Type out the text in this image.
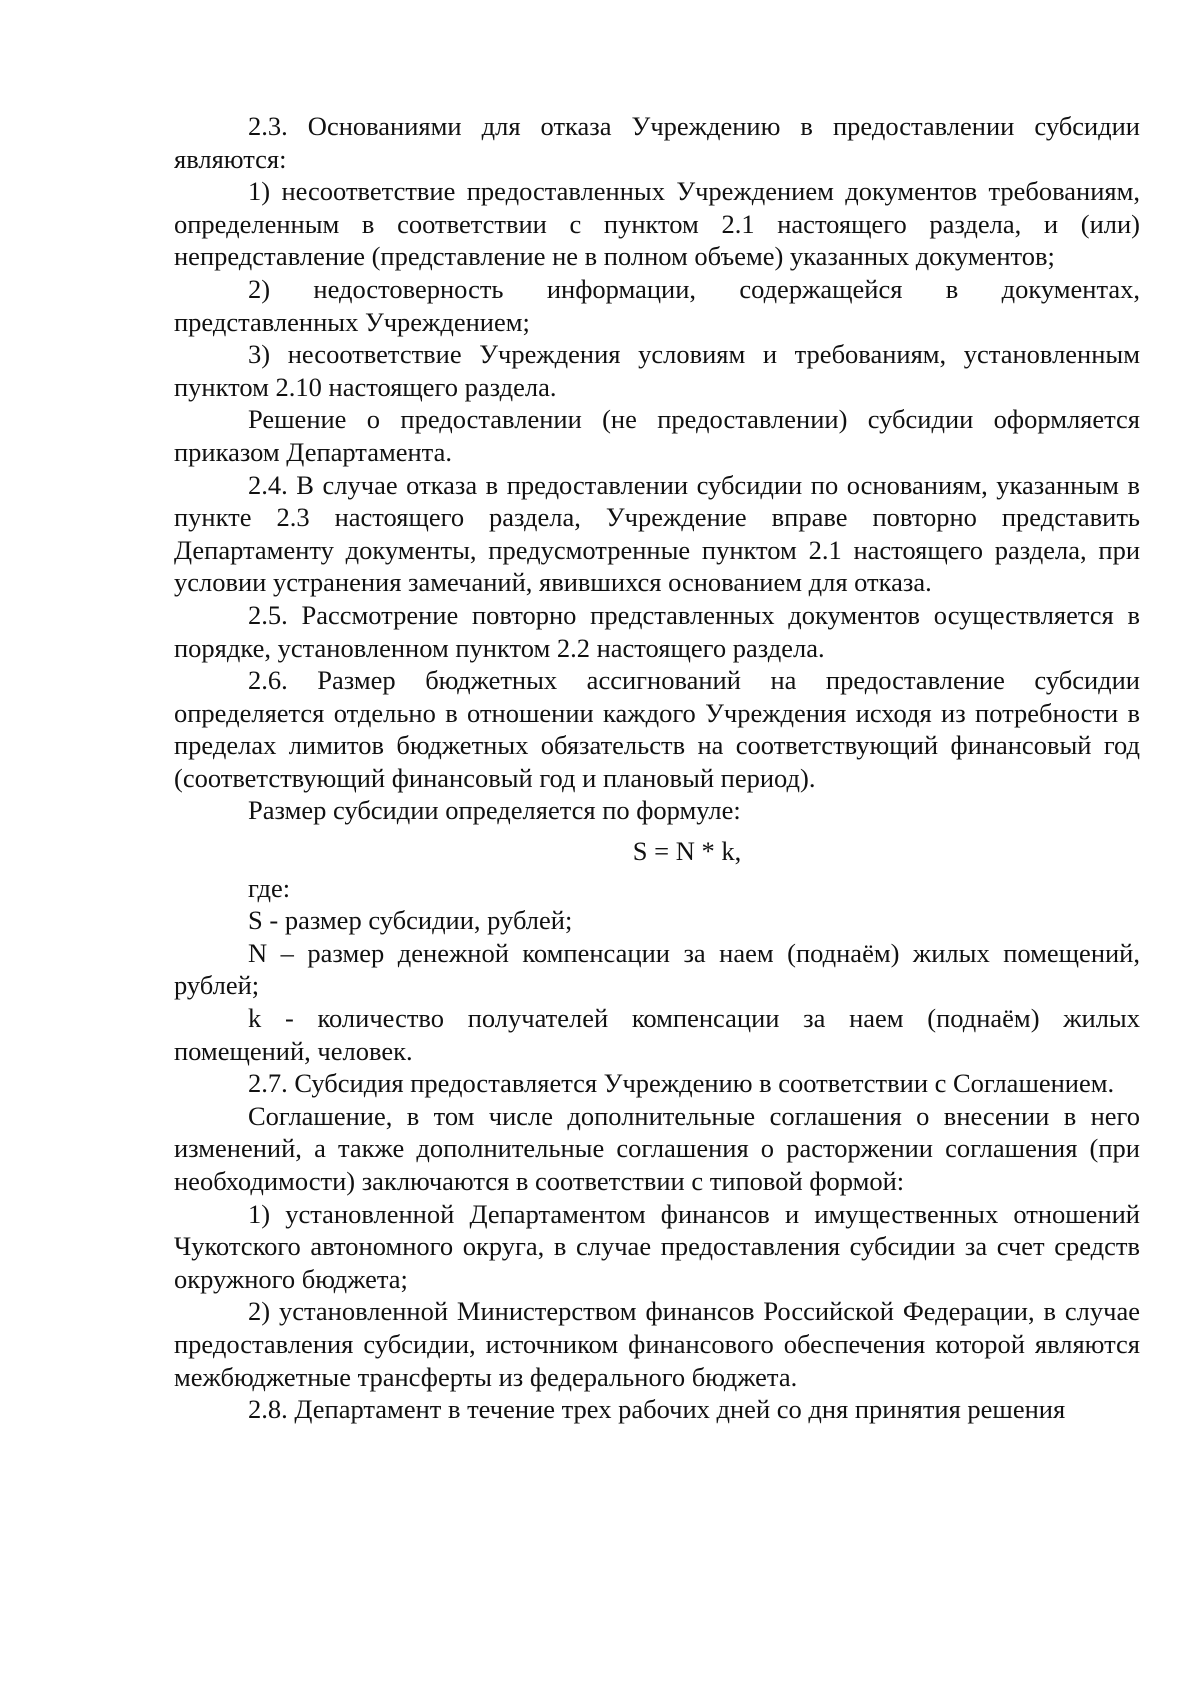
2.3. Основаниями для отказа Учреждению в предоставлении субсидии являются:

1) несоответствие предоставленных Учреждением документов требованиям, определенным в соответствии с пунктом 2.1 настоящего раздела, и (или) непредставление (представление не в полном объеме) указанных документов;

2) недостоверность информации, содержащейся в документах, представленных Учреждением;

3) несоответствие Учреждения условиям и требованиям, установленным пунктом 2.10 настоящего раздела.

Решение о предоставлении (не предоставлении) субсидии оформляется приказом Департамента.

2.4. В случае отказа в предоставлении субсидии по основаниям, указанным в пункте 2.3 настоящего раздела, Учреждение вправе повторно представить Департаменту документы, предусмотренные пунктом 2.1 настоящего раздела, при условии устранения замечаний, явившихся основанием для отказа.

2.5. Рассмотрение повторно представленных документов осуществляется в порядке, установленном пунктом 2.2 настоящего раздела.

2.6. Размер бюджетных ассигнований на предоставление субсидии определяется отдельно в отношении каждого Учреждения исходя из потребности в пределах лимитов бюджетных обязательств на соответствующий финансовый год (соответствующий финансовый год и плановый период).

Размер субсидии определяется по формуле:

S = N * k,

где:

S - размер субсидии, рублей;

N – размер денежной компенсации за наем (поднаём) жилых помещений, рублей;

k - количество получателей компенсации за наем (поднаём) жилых помещений, человек.

2.7. Субсидия предоставляется Учреждению в соответствии с Соглашением.

Соглашение, в том числе дополнительные соглашения о внесении в него изменений, а также дополнительные соглашения о расторжении соглашения (при необходимости) заключаются в соответствии с типовой формой:

1) установленной Департаментом финансов и имущественных отношений Чукотского автономного округа, в случае предоставления субсидии за счет средств окружного бюджета;

2) установленной Министерством финансов Российской Федерации, в случае предоставления субсидии, источником финансового обеспечения которой являются межбюджетные трансферты из федерального бюджета.

2.8. Департамент в течение трех рабочих дней со дня принятия решения
